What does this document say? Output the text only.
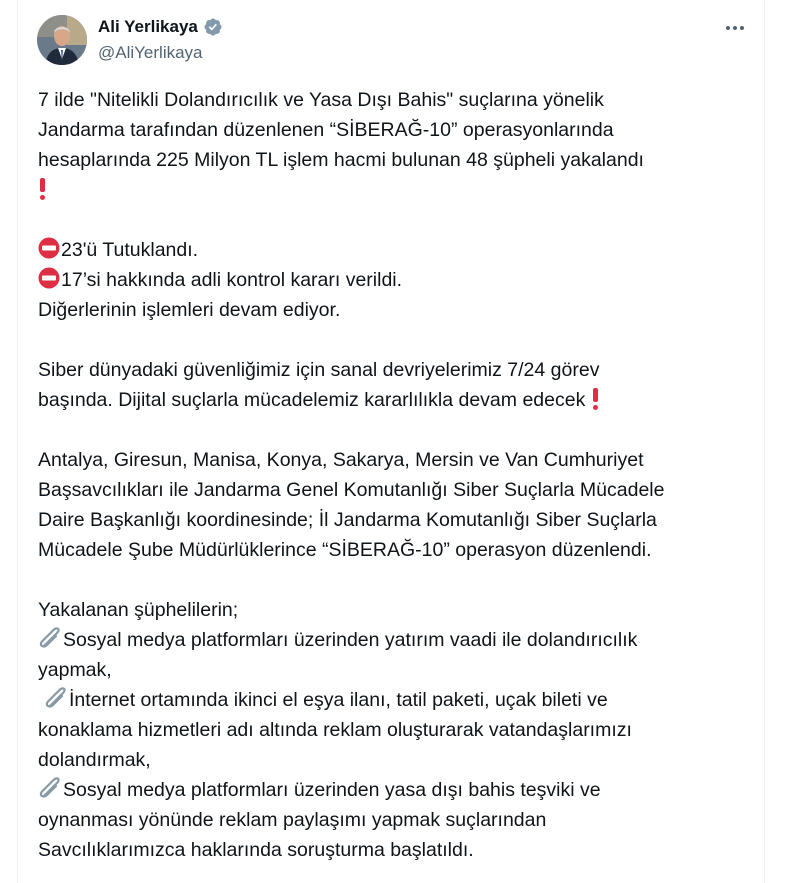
Ali Yerlikaya
@AliYerlikaya
7 ilde "Nitelikli Dolandırıcılık ve Yasa Dışı Bahis" suçlarına yönelik
Jandarma tarafından düzenlenen “SİBERAĞ-10” operasyonlarında
hesaplarında 225 Milyon TL işlem hacmi bulunan 48 şüpheli yakalandı
23'ü Tutuklandı.
17’si hakkında adli kontrol kararı verildi.
Diğerlerinin işlemleri devam ediyor.
Siber dünyadaki güvenliğimiz için sanal devriyelerimiz 7/24 görev
başında. Dijital suçlarla mücadelemiz kararlılıkla devam edecek
Antalya, Giresun, Manisa, Konya, Sakarya, Mersin ve Van Cumhuriyet
Başsavcılıkları ile Jandarma Genel Komutanlığı Siber Suçlarla Mücadele
Daire Başkanlığı koordinesinde; İl Jandarma Komutanlığı Siber Suçlarla
Mücadele Şube Müdürlüklerince “SİBERAĞ-10” operasyon düzenlendi.
Yakalanan şüphelilerin;
Sosyal medya platformları üzerinden yatırım vaadi ile dolandırıcılık
yapmak,
İnternet ortamında ikinci el eşya ilanı, tatil paketi, uçak bileti ve
konaklama hizmetleri adı altında reklam oluşturarak vatandaşlarımızı
dolandırmak,
Sosyal medya platformları üzerinden yasa dışı bahis teşviki ve
oynanması yönünde reklam paylaşımı yapmak suçlarından
Savcılıklarımızca haklarında soruşturma başlatıldı.
